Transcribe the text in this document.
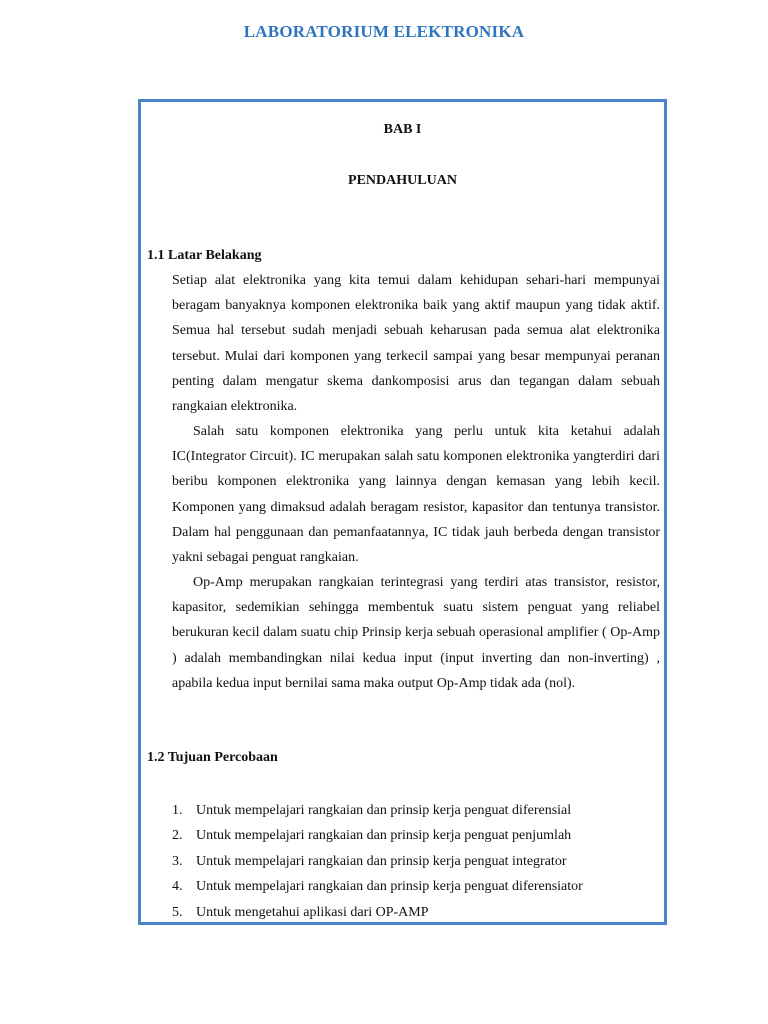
LABORATORIUM ELEKTRONIKA
BAB I
PENDAHULUAN
1.1 Latar Belakang

Setiap alat elektronika yang kita temui dalam kehidupan sehari-hari mempunyai beragam banyaknya komponen elektronika baik yang aktif maupun yang tidak aktif. Semua hal tersebut sudah menjadi sebuah keharusan pada semua alat elektronika tersebut. Mulai dari komponen yang terkecil sampai yang besar mempunyai peranan penting dalam mengatur skema dankomposisi arus dan tegangan dalam sebuah rangkaian elektronika.

Salah satu komponen elektronika yang perlu untuk kita ketahui adalah IC(Integrator Circuit). IC merupakan salah satu komponen elektronika yangterdiri dari beribu komponen elektronika yang lainnya dengan kemasan yang lebih kecil. Komponen yang dimaksud adalah beragam resistor, kapasitor dan tentunya transistor. Dalam hal penggunaan dan pemanfaatannya, IC tidak jauh berbeda dengan transistor yakni sebagai penguat rangkaian.

Op-Amp merupakan rangkaian terintegrasi yang terdiri atas transistor, resistor, kapasitor, sedemikian sehingga membentuk suatu sistem penguat yang reliabel berukuran kecil dalam suatu chip Prinsip kerja sebuah operasional amplifier ( Op-Amp ) adalah membandingkan nilai kedua input (input inverting dan non-inverting) , apabila kedua input bernilai sama maka output Op-Amp tidak ada (nol).

1.2 Tujuan Percobaan
1. Untuk mempelajari rangkaian dan prinsip kerja penguat diferensial
2. Untuk mempelajari rangkaian dan prinsip kerja penguat penjumlah
3. Untuk mempelajari rangkaian dan prinsip kerja penguat integrator
4. Untuk mempelajari rangkaian dan prinsip kerja penguat diferensiator
5. Untuk mengetahui aplikasi dari OP-AMP
